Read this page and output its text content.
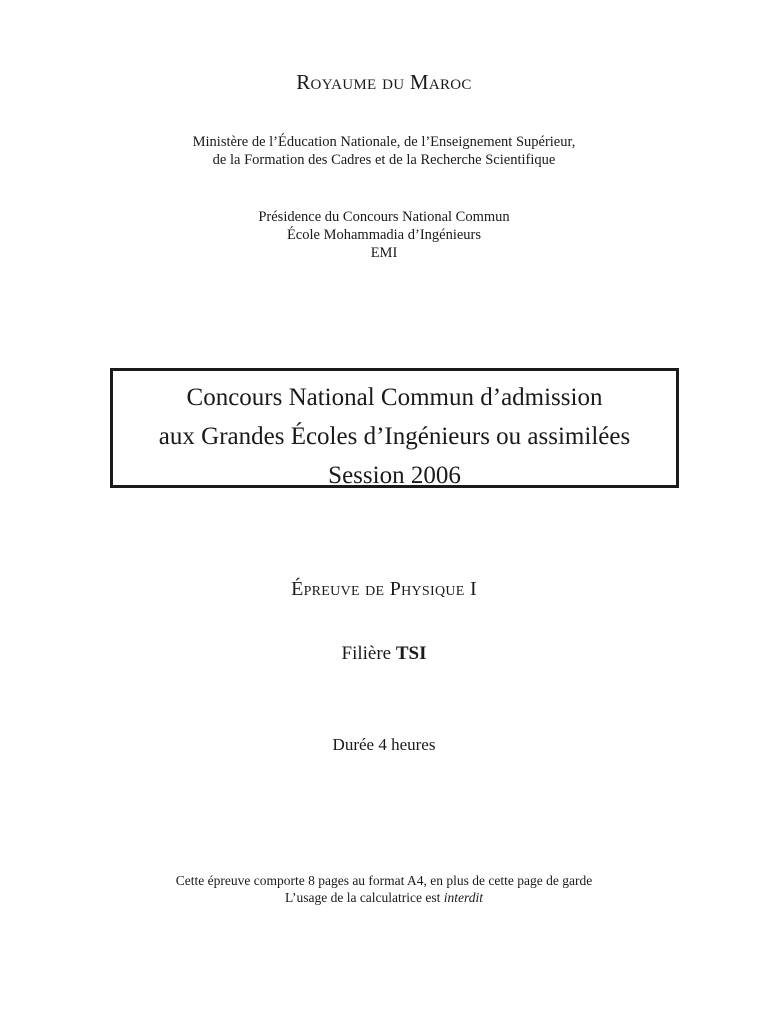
Royaume du Maroc
Ministère de l’Éducation Nationale, de l’Enseignement Supérieur,
de la Formation des Cadres et de la Recherche Scientifique
Présidence du Concours National Commun
École Mohammadia d’Ingénieurs
EMI
Concours National Commun d’admission
aux Grandes Écoles d’Ingénieurs ou assimilées
Session 2006
Épreuve de Physique I
Filière TSI
Durée 4 heures
Cette épreuve comporte 8 pages au format A4, en plus de cette page de garde
L’usage de la calculatrice est interdit
